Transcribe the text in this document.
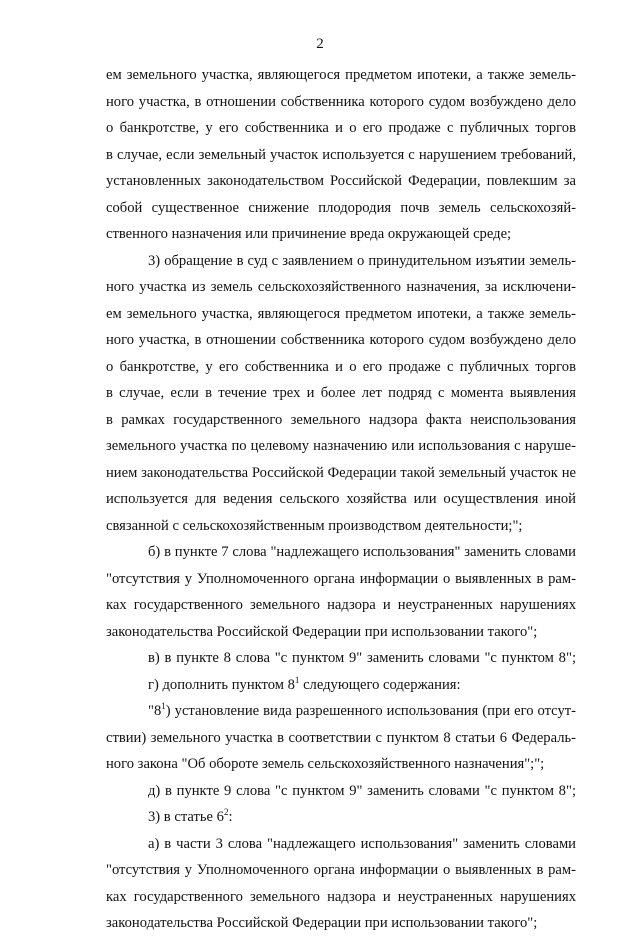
2

ем земельного участка, являющегося предметом ипотеки, а также земель-
ного участка, в отношении собственника которого судом возбуждено дело
о банкротстве, у его собственника и о его продаже с публичных торгов
в случае, если земельный участок используется с нарушением требований,
установленных законодательством Российской Федерации, повлекшим за
собой существенное снижение плодородия почв земель сельскохозяй-
ственного назначения или причинение вреда окружающей среде;

3) обращение в суд с заявлением о принудительном изъятии земель-
ного участка из земель сельскохозяйственного назначения, за исключени-
ем земельного участка, являющегося предметом ипотеки, а также земель-
ного участка, в отношении собственника которого судом возбуждено дело
о банкротстве, у его собственника и о его продаже с публичных торгов
в случае, если в течение трех и более лет подряд с момента выявления
в рамках государственного земельного надзора факта неиспользования
земельного участка по целевому назначению или использования с наруше-
нием законодательства Российской Федерации такой земельный участок не
используется для ведения сельского хозяйства или осуществления иной
связанной с сельскохозяйственным производством деятельности;";

б) в пункте 7 слова "надлежащего использования" заменить словами
"отсутствия у Уполномоченного органа информации о выявленных в рам-
ках государственного земельного надзора и неустраненных нарушениях
законодательства Российской Федерации при использовании такого";

в) в пункте 8 слова "с пунктом 9" заменить словами "с пунктом 8";

г) дополнить пунктом $8^1$ следующего содержания:

"$8^1$) установление вида разрешенного использования (при его отсут-
ствии) земельного участка в соответствии с пунктом 8 статьи 6 Федераль-
ного закона "Об обороте земель сельскохозяйственного назначения";";

д) в пункте 9 слова "с пунктом 9" заменить словами "с пунктом 8";

3) в статье $6^2$:

а) в части 3 слова "надлежащего использования" заменить словами
"отсутствия у Уполномоченного органа информации о выявленных в рам-
ках государственного земельного надзора и неустраненных нарушениях
законодательства Российской Федерации при использовании такого";
